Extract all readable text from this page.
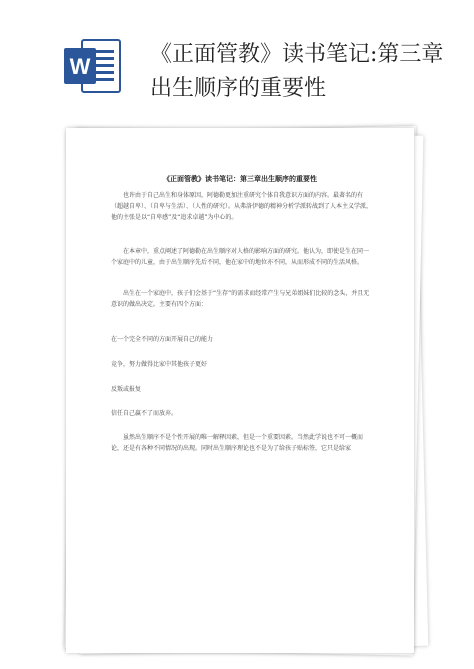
W	《正面管教》读书笔记:第三章出生顺序的重要性

《正面管教》读书笔记：第三章出生顺序的重要性

也许由于自己出生和身体原因，阿德勒更加注重研究个体自我意识方面的内容。最著名的有（超越自卑）、（自卑与生活）、（人性的研究）。从弗洛伊德的精神分析学派转战到了人本主义学派，他的主张是以“自卑感”及“追求卓越”为中心的。

在本章中，重点阐述了阿德勒在出生顺序对人格的影响方面的研究。他认为，即使是生在同一个家庭中的儿童，由于出生顺序先后不同，他在家中的地位亦不同，从而形成不同的生活风格。

出生在一个家庭中，孩子们会基于“生存”的需求而经常产生与兄弟姐妹们比较的念头，并且无意识的做出决定。主要有四个方面：

在一个完全不同的方面开展自己的能力

竞争，努力做得比家中其他孩子更好

反叛或报复

信任自己赢不了而放弃。

虽然出生顺序不是个性开展的唯一解释因素，但是一个重要因素。当然此学说也不可一概而论，还是有各种不同情况的出现。同时出生顺序理论也不是为了给孩子贴标签，它只是给家
